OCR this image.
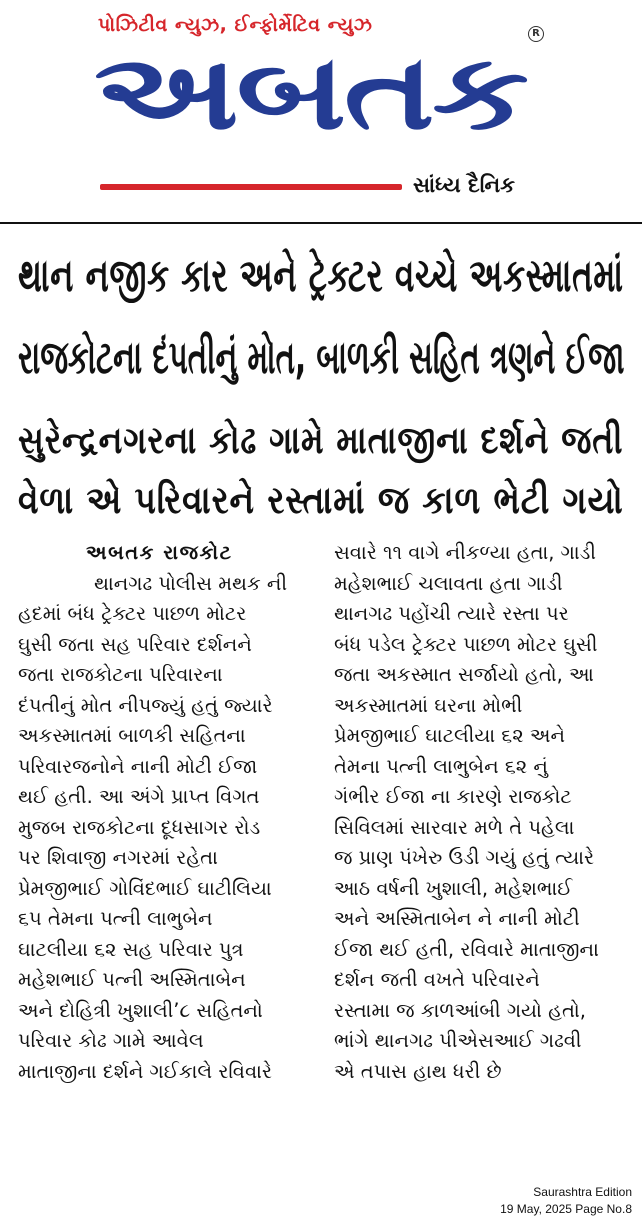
પોઝિટીવ ન્યુઝ, ઈન્ફોર્મેટિવ ન્યુઝ	R
અબતક
સાંધ્ય દૈનિક
થાન નજીક કાર અને ટ્રેક્ટર વચ્ચે અકસ્માતમાં
રાજકોટના દંપતીનું મોત, બાળકી સહિત ત્રણને ઈજા
સુરેન્દ્રનગરના કોઢ ગામે માતાજીના દર્શને જતી
વેળા એ પરિવારને રસ્તામાં જ કાળ ભેટી ગયો
અબતક રાજકોટ
થાનગઢ પોલીસ મથક ની
હદમાં બંધ ટ્રેક્ટર પાછળ મોટર
ઘુસી જતા સહ પરિવાર દર્શનને
જતા રાજકોટના પરિવારના
દંપતીનું મોત નીપજ્યું હતું જ્યારે
અકસ્માતમાં બાળકી સહિતના
પરિવારજનોને નાની મોટી ઈજા
થઈ હતી. આ અંગે પ્રાપ્ત વિગત
મુજબ રાજકોટના દૂધસાગર રોડ
પર શિવાજી નગરમાં રહેતા
પ્રેમજીભાઈ ગોવિંદભાઈ ઘાટીલિયા
૬૫ તેમના પત્ની લાભુબેન
ઘાટલીયા ૬૨ સહ પરિવાર પુત્ર
મહેશભાઈ પત્ની અસ્મિતાબેન
અને દોહિત્રી ખુશાલી’૮ સહિતનો
પરિવાર કોઢ ગામે આવેલ
માતાજીના દર્શને ગઈકાલે રવિવારે
સવારે ૧૧ વાગે નીકળ્યા હતા, ગાડી
મહેશભાઈ ચલાવતા હતા ગાડી
થાનગઢ પહોંચી ત્યારે રસ્તા પર
બંધ પડેલ ટ્રેક્ટર પાછળ મોટર ઘુસી
જતા અકસ્માત સર્જાયો હતો, આ
અકસ્માતમાં ઘરના મોભી
પ્રેમજીભાઈ ઘાટલીયા ૬૨ અને
તેમના પત્ની લાભુબેન ૬૨ નું
ગંભીર ઈજા ના કારણે રાજકોટ
સિવિલમાં સારવાર મળે તે પહેલા
જ પ્રાણ પંખેરુ ઉડી ગયું હતું ત્યારે
આઠ વર્ષની ખુશાલી, મહેશભાઈ
અને અસ્મિતાબેન ને નાની મોટી
ઈજા થઈ હતી, રવિવારે માતાજીના
દર્શન જતી વખતે પરિવારને
રસ્તામા જ કાળઆંબી ગયો હતો,
ભાંગે થાનગઢ પીએસઆઈ ગઢવી
એ તપાસ હાથ ધરી છે
Saurashtra Edition
19 May, 2025 Page No.8
